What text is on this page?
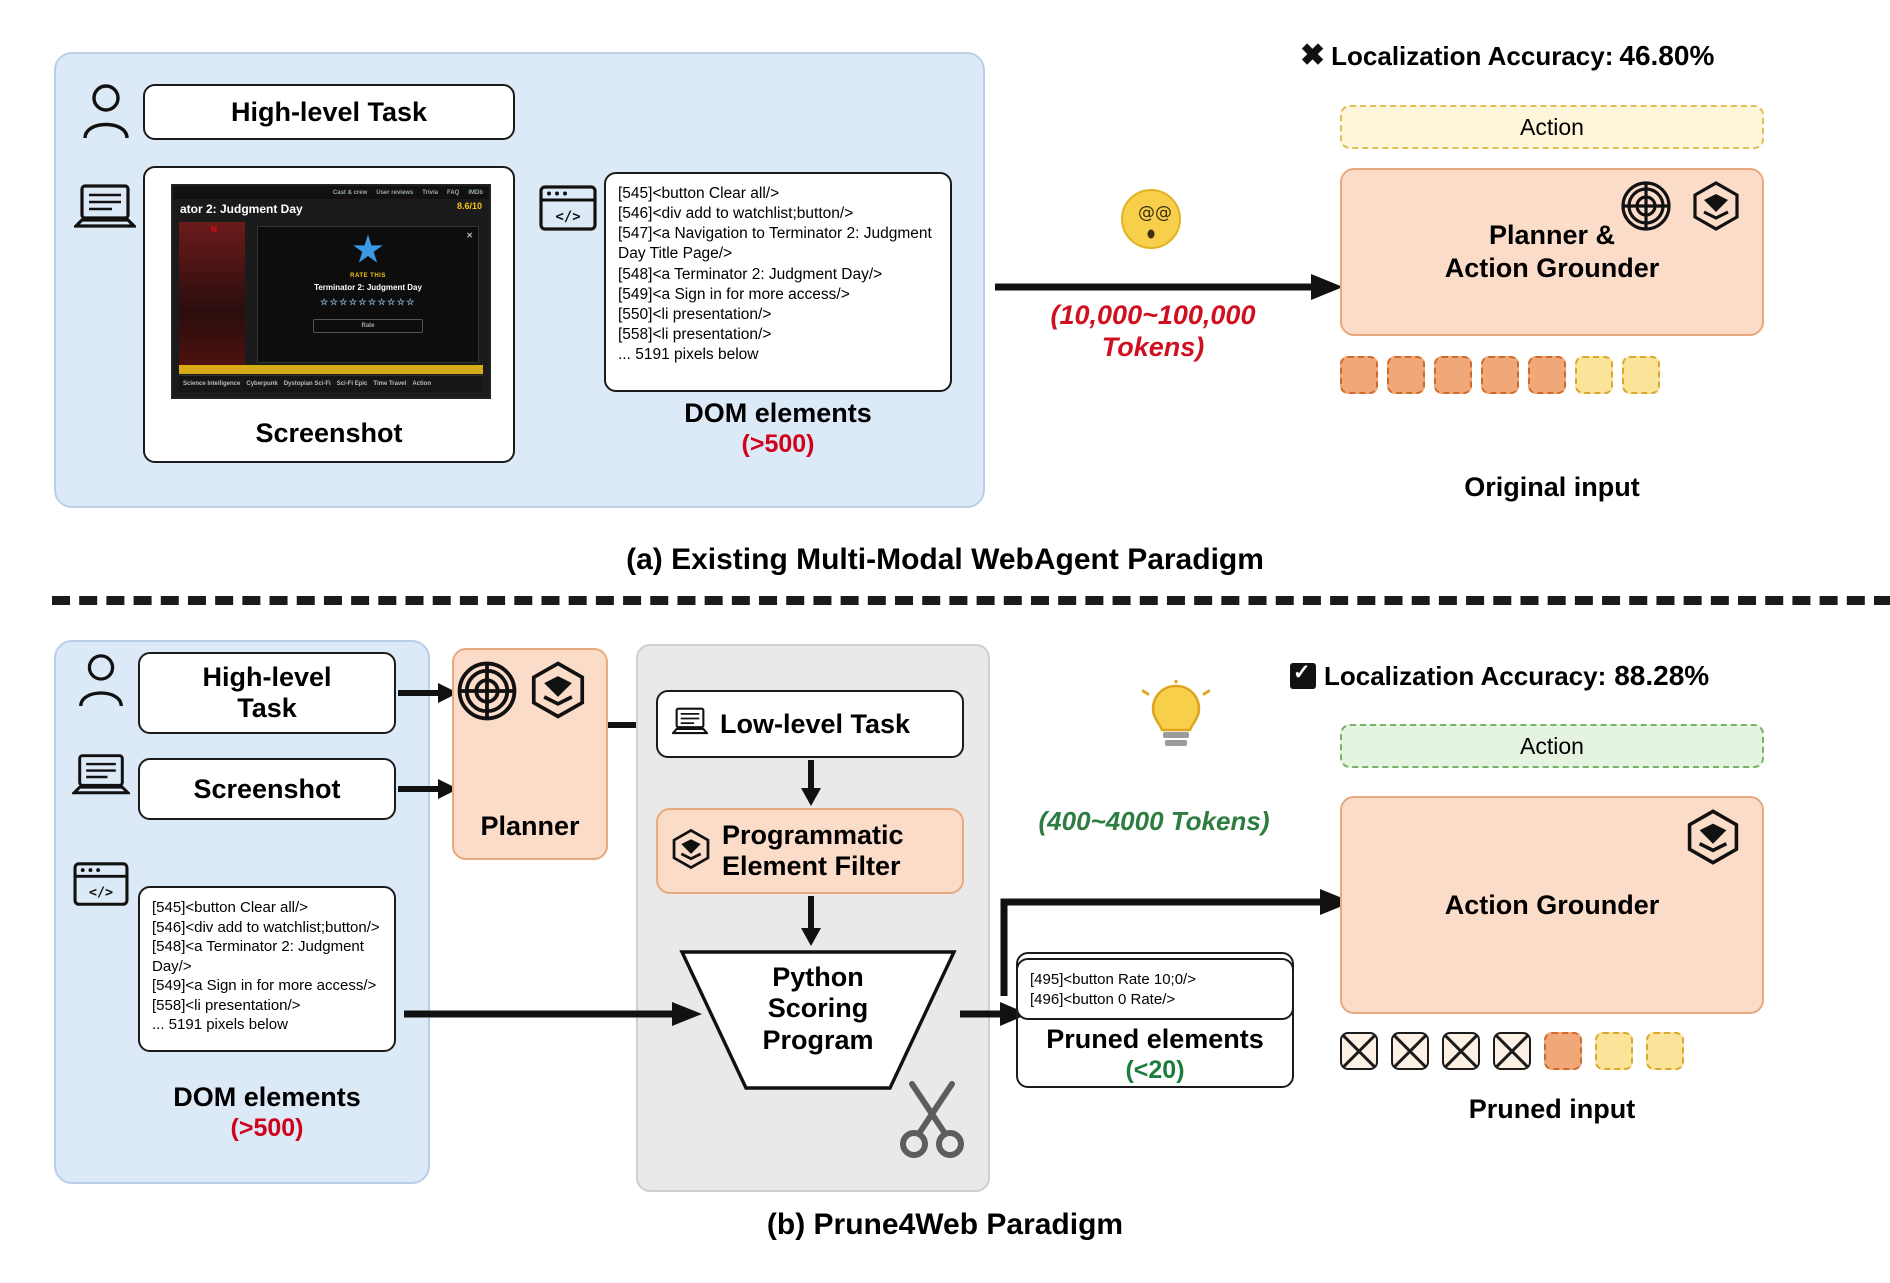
High-level Task
Cast & crew User reviews Trivia FAQ IMDb
ator 2: Judgment Day	8.6/10
N
★	✕
RATE THIS
Terminator 2: Judgment Day
☆☆☆☆☆☆☆☆☆☆
Rate
Science Intelligence Cyberpunk Dystopian Sci-Fi Sci-Fi Epic Time Travel Action
Screenshot
</>
[545]<button Clear all/>
[546]<div add to watchlist;button/>
[547]<a Navigation to Terminator 2: Judgment Day Title Page/>
[548]<a Terminator 2: Judgment Day/>
[549]<a Sign in for more access/>
[550]<li presentation/>
[558]<li presentation/>
... 5191 pixels below
DOM elements
(>500)
@ @
(10,000~100,000 Tokens)
✖ Localization Accuracy: 46.80%
Action
Planner &
Action Grounder
Original input
(a) Existing Multi-Modal WebAgent Paradigm
High-level
Task
Screenshot
</>
[545]<button Clear all/>
[546]<div add to watchlist;button/>
[548]<a Terminator 2: Judgment Day/>
[549]<a Sign in for more access/>
[558]<li presentation/>
... 5191 pixels below
DOM elements
(>500)
Planner
Low-level Task
Programmatic
Element Filter
Python
Scoring
Program
[495]<button Rate 10;0/>
[496]<button 0 Rate/>
Pruned elements
(<20)
(400~4000 Tokens)
✓
Localization Accuracy: 88.28%
Action
Action Grounder
Pruned input
(b) Prune4Web Paradigm
